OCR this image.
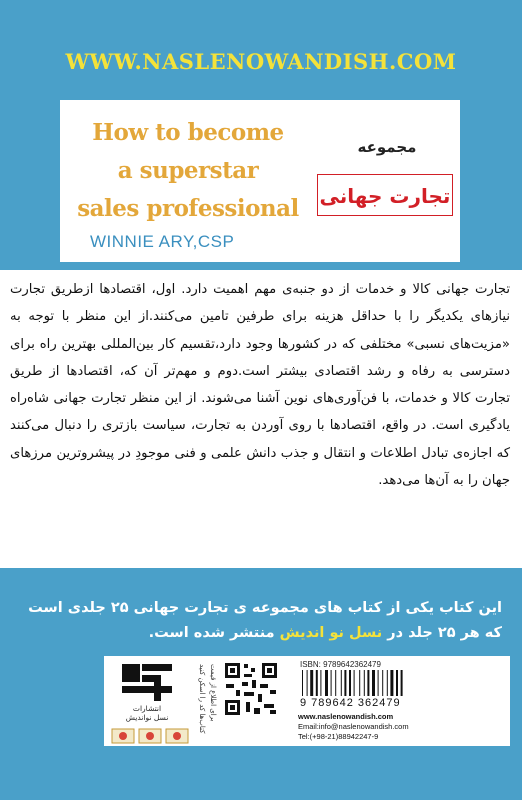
WWW.NASLENOWANDISH.COM
How to become
a superstar
sales professional
مجموعه
تجارت جهانی
WINNIE ARY,CSP
تجارت جهانی کالا و خدمات از دو جنبه‌ی مهم اهمیت دارد. اول، اقتصادها ازطریق تجارت نیازهای یکدیگر را با حداقل هزینه برای طرفین تامین می‌کنند.از این منظر با توجه به «مزیت‌های نسبی» مختلفی که در کشورها وجود دارد،تقسیم کار بین‌المللی بهترین راه برای دسترسی به رفاه و رشد اقتصادی بیشتر است.دوم و مهم‌تر آن که، اقتصادها از طریق تجارت کالا و خدمات، با فن‌آوری‌های نوین آشنا می‌شوند. از این منظر تجارت جهانی شاه‌راه یادگیری است. در واقع، اقتصادها با روی آوردن به تجارت، سیاست بازتری را دنبال می‌کنند که اجازه‌ی تبادل اطلاعات و انتقال و جذب دانش علمی و فنی موجودِ در پیشروترین مرزهای جهان را به آن‌ها می‌دهد.
این کتاب یکی از کتاب های مجموعه ی تجارت جهانی ۲۵ جلدی است
که هر ۲۵ جلد در نسل نو اندیش منتشر شده است.
انتشارات
نسل نواندیش	برای اطلاع از قیمت کتاب‌ها کد را اسکن کنید	ISBN: 9789642362479
9 789642 362479
www.naslenowandish.com
Email:info@naslenowandish.com
Tel:(+98-21)88942247-9
